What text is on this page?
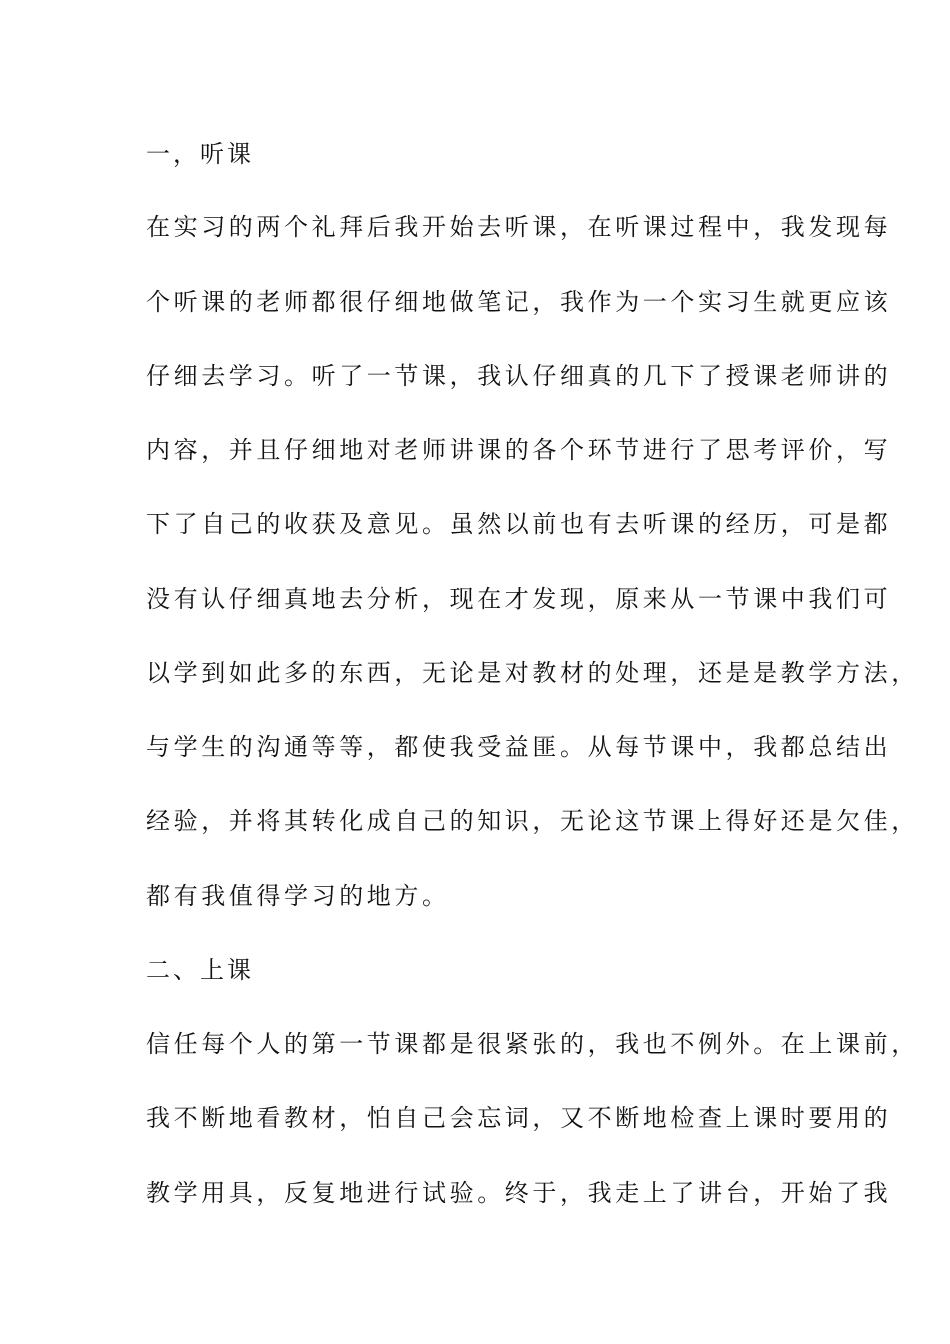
一，听课
在实习的两个礼拜后我开始去听课，在听课过程中，我发现每
个听课的老师都很仔细地做笔记，我作为一个实习生就更应该
仔细去学习。听了一节课，我认仔细真的几下了授课老师讲的
内容，并且仔细地对老师讲课的各个环节进行了思考评价，写
下了自己的收获及意见。虽然以前也有去听课的经历，可是都
没有认仔细真地去分析，现在才发现，原来从一节课中我们可
以学到如此多的东西，无论是对教材的处理，还是是教学方法，
与学生的沟通等等，都使我受益匪。从每节课中，我都总结出
经验，并将其转化成自己的知识，无论这节课上得好还是欠佳，
都有我值得学习的地方。
二、上课
信任每个人的第一节课都是很紧张的，我也不例外。在上课前，
我不断地看教材，怕自己会忘词，又不断地检查上课时要用的
教学用具，反复地进行试验。终于，我走上了讲台，开始了我
